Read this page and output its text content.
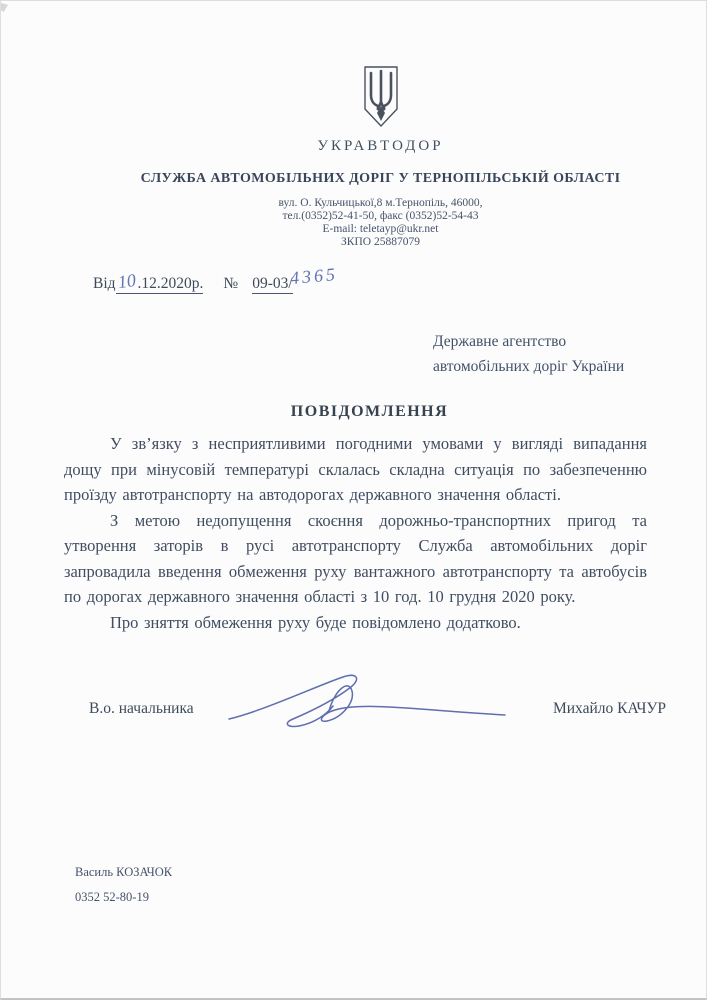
УКРАВТОДОР
СЛУЖБА АВТОМОБІЛЬНИХ ДОРІГ У ТЕРНОПІЛЬСЬКІЙ ОБЛАСТІ
вул. О. Кульчицької,8 м.Тернопіль, 46000,
тел.(0352)52-41-50, факс (0352)52-54-43
E-mail: teletayp@ukr.net
ЗКПО 25887079
Від10.12.2020р. № 09-03/4365
Державне агентство
автомобільних доріг України
ПОВІДОМЛЕННЯ

У зв’язку з несприятливими погодними умовами у вигляді випадання дощу при мінусовій температурі склалась складна ситуація по забезпеченню проїзду автотранспорту на автодорогах державного значення області.

З метою недопущення скоєння дорожньо-транспортних пригод та утворення заторів в русі автотранспорту Служба автомобільних доріг запровадила введення обмеження руху вантажного автотранспорту та автобусів по дорогах державного значення області з 10 год. 10 грудня 2020 року.

Про зняття обмеження руху буде повідомлено додатково.

В.о. начальника	Михайло КАЧУР
Василь КОЗАЧОК
0352 52-80-19
